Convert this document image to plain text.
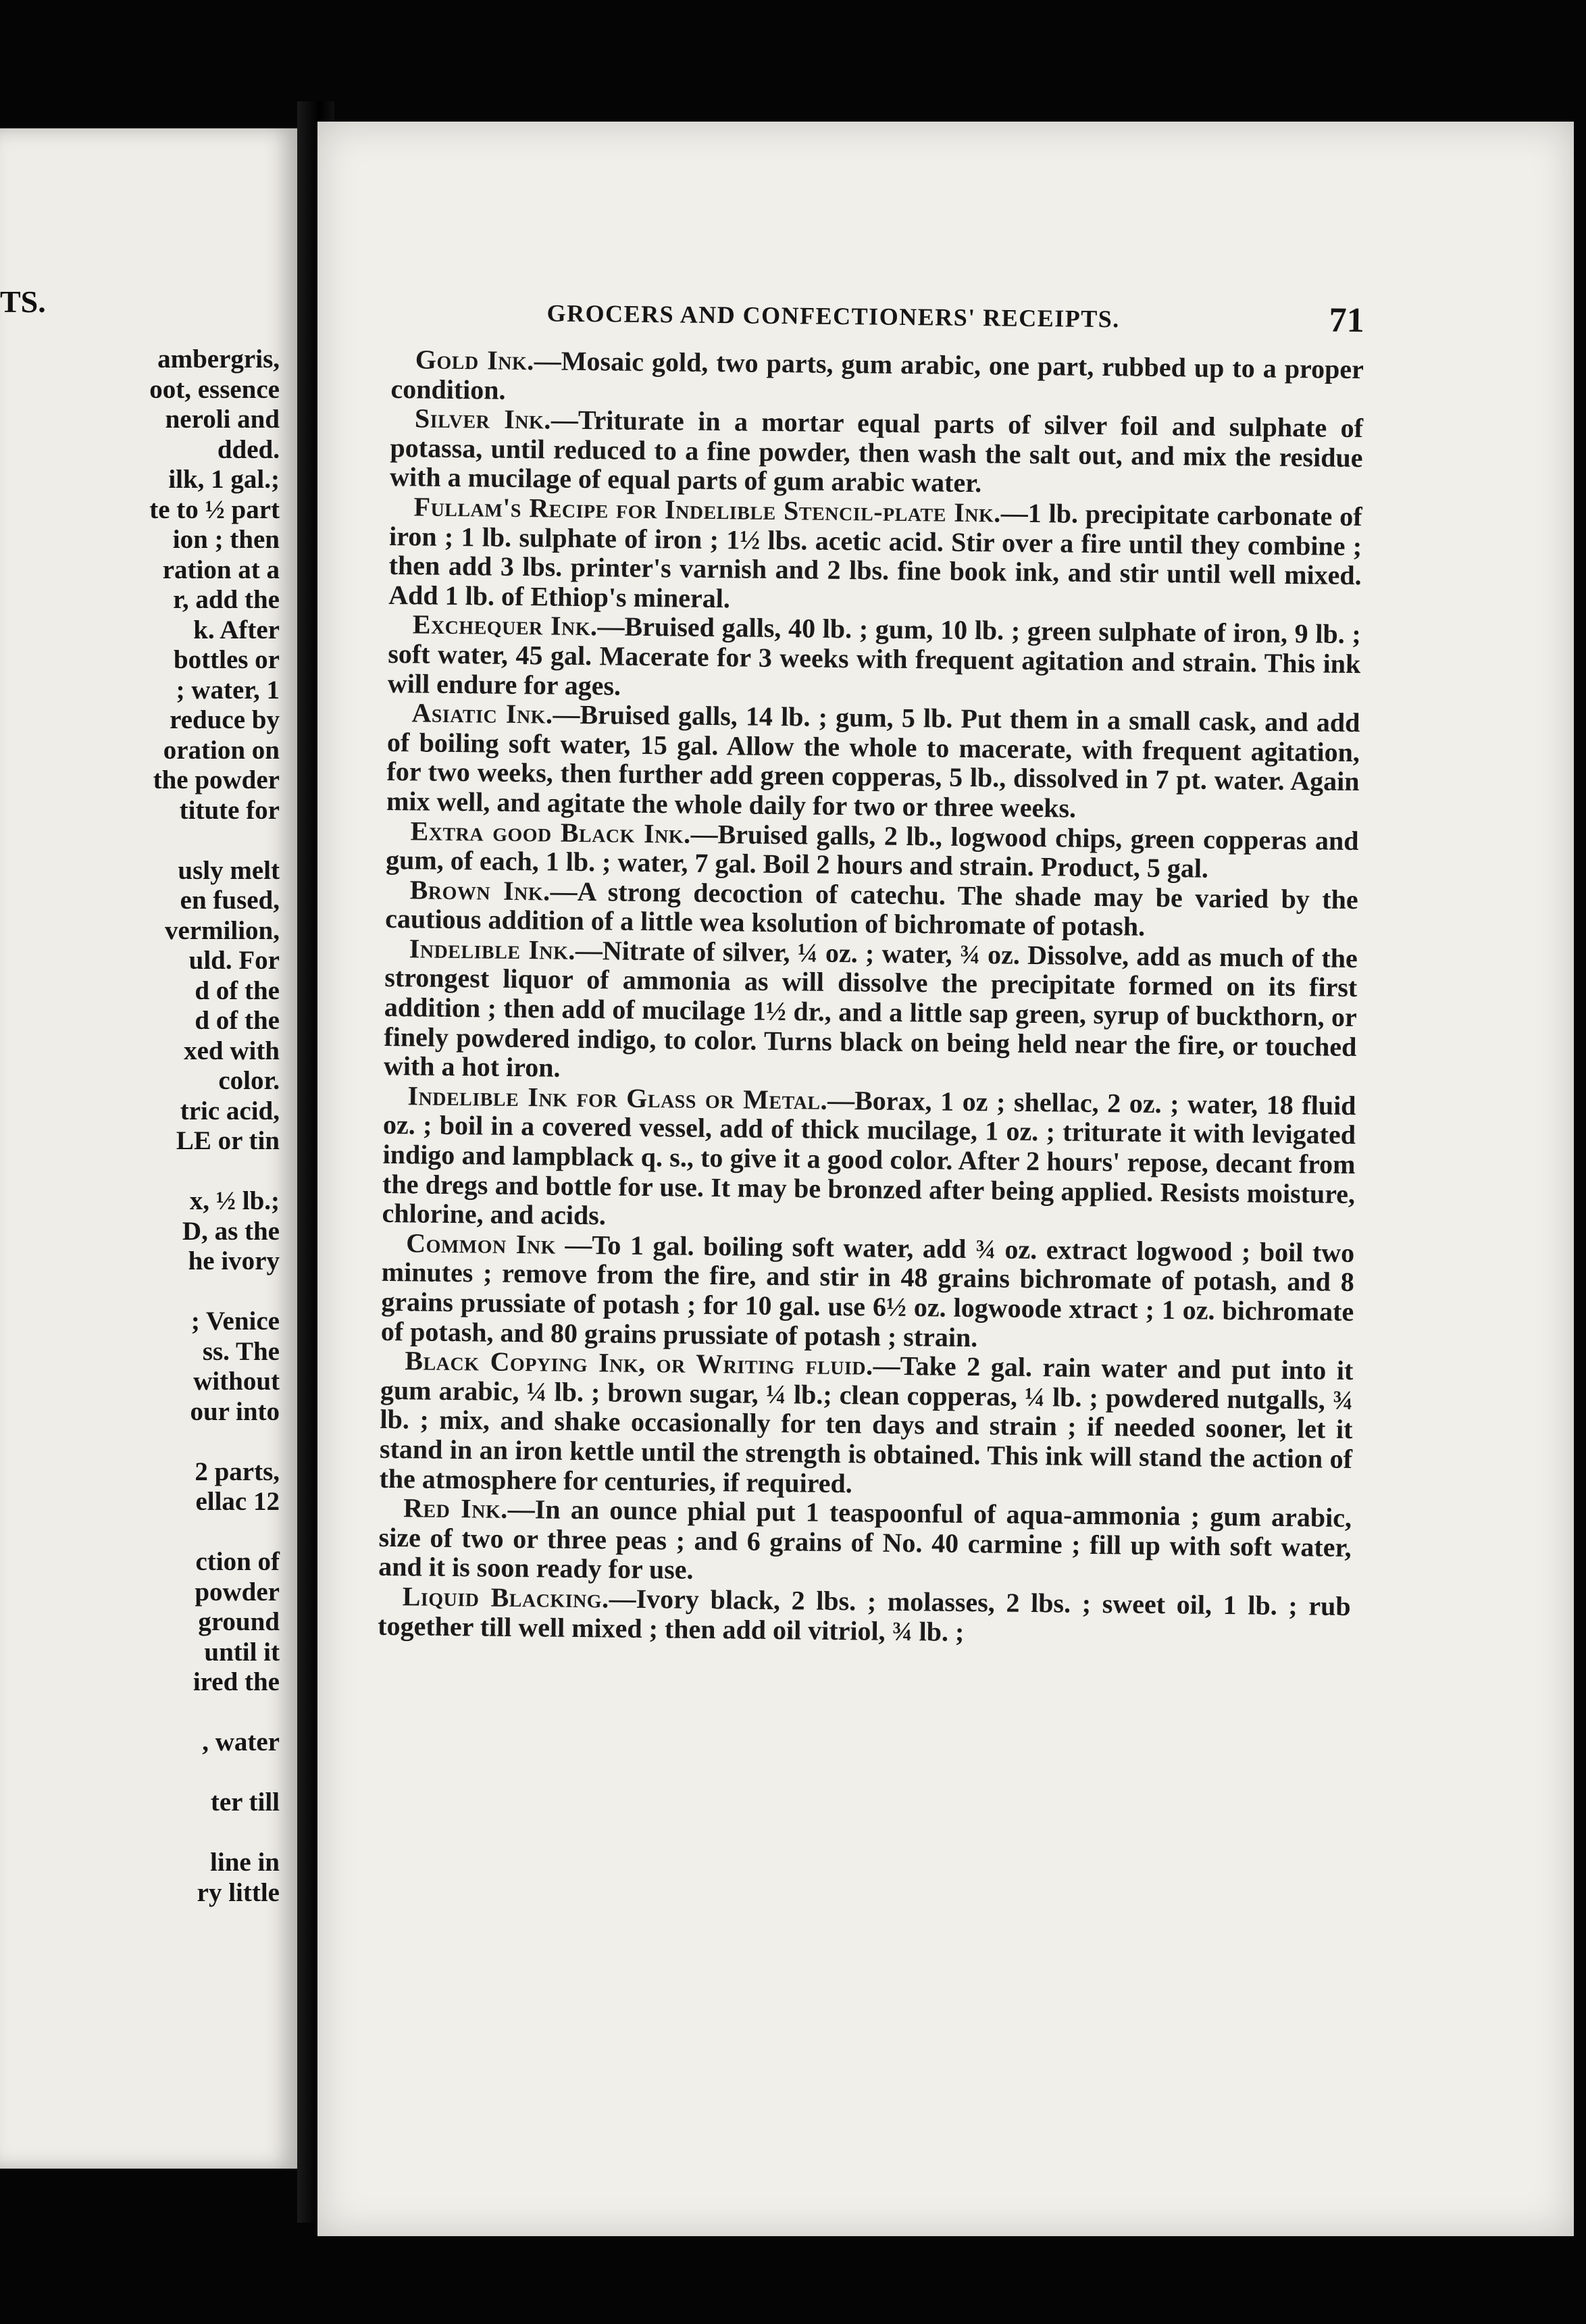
TS.
ambergris,
oot, essence
neroli and
dded.
ilk, 1 gal.;
te to ½ part
ion ; then
ration at a
r, add the
k. After
bottles or
; water, 1
reduce by
oration on
the powder
titute for
usly melt
en fused,
vermilion,
uld. For
d of the
d of the
xed with
color.
tric acid,
LE or tin
x, ½ lb.;
D, as the
he ivory
; Venice
ss. The
without
our into
2 parts,
ellac 12
ction of
powder
ground
until it
ired the
, water
ter till
line in
ry little
GROCERS AND CONFECTIONERS' RECEIPTS.	71

Gold Ink.—Mosaic gold, two parts, gum arabic, one part, rubbed up to a proper condition.

Silver Ink.—Triturate in a mortar equal parts of silver foil and sulphate of potassa, until reduced to a fine powder, then wash the salt out, and mix the residue with a mucilage of equal parts of gum arabic water.

Fullam's Recipe for Indelible Stencil-plate Ink.—1 lb. precipitate carbonate of iron ; 1 lb. sulphate of iron ; 1½ lbs. acetic acid. Stir over a fire until they combine ; then add 3 lbs. printer's varnish and 2 lbs. fine book ink, and stir until well mixed. Add 1 lb. of Ethiop's mineral.

Exchequer Ink.—Bruised galls, 40 lb. ; gum, 10 lb. ; green sulphate of iron, 9 lb. ; soft water, 45 gal. Macerate for 3 weeks with frequent agitation and strain. This ink will endure for ages.

Asiatic Ink.—Bruised galls, 14 lb. ; gum, 5 lb. Put them in a small cask, and add of boiling soft water, 15 gal. Allow the whole to macerate, with frequent agitation, for two weeks, then further add green copperas, 5 lb., dissolved in 7 pt. water. Again mix well, and agitate the whole daily for two or three weeks.

Extra good Black Ink.—Bruised galls, 2 lb., logwood chips, green copperas and gum, of each, 1 lb. ; water, 7 gal. Boil 2 hours and strain. Product, 5 gal.

Brown Ink.—A strong decoction of catechu. The shade may be varied by the cautious addition of a little wea ksolution of bichromate of potash.

Indelible Ink.—Nitrate of silver, ¼ oz. ; water, ¾ oz. Dissolve, add as much of the strongest liquor of ammonia as will dissolve the precipitate formed on its first addition ; then add of mucilage 1½ dr., and a little sap green, syrup of buckthorn, or finely powdered indigo, to color. Turns black on being held near the fire, or touched with a hot iron.

Indelible Ink for Glass or Metal.—Borax, 1 oz ; shellac, 2 oz. ; water, 18 fluid oz. ; boil in a covered vessel, add of thick mucilage, 1 oz. ; triturate it with levigated indigo and lampblack q. s., to give it a good color. After 2 hours' repose, decant from the dregs and bottle for use. It may be bronzed after being applied. Resists moisture, chlorine, and acids.

Common Ink —To 1 gal. boiling soft water, add ¾ oz. extract logwood ; boil two minutes ; remove from the fire, and stir in 48 grains bichromate of potash, and 8 grains prussiate of potash ; for 10 gal. use 6½ oz. logwoode xtract ; 1 oz. bichromate of potash, and 80 grains prussiate of potash ; strain.

Black Copying Ink, or Writing fluid.—Take 2 gal. rain water and put into it gum arabic, ¼ lb. ; brown sugar, ¼ lb.; clean copperas, ¼ lb. ; powdered nutgalls, ¾ lb. ; mix, and shake occasionally for ten days and strain ; if needed sooner, let it stand in an iron kettle until the strength is obtained. This ink will stand the action of the atmosphere for centuries, if required.

Red Ink.—In an ounce phial put 1 teaspoonful of aqua-ammonia ; gum arabic, size of two or three peas ; and 6 grains of No. 40 carmine ; fill up with soft water, and it is soon ready for use.

Liquid Blacking.—Ivory black, 2 lbs. ; molasses, 2 lbs. ; sweet oil, 1 lb. ; rub together till well mixed ; then add oil vitriol, ¾ lb. ;
